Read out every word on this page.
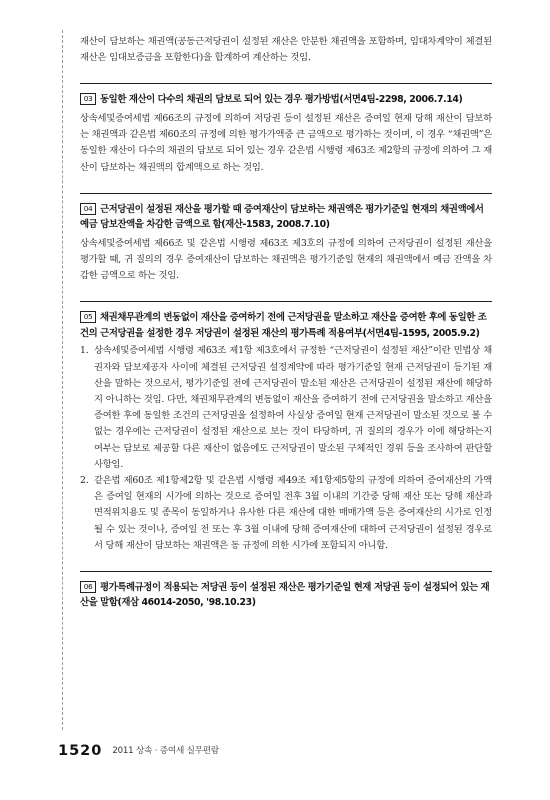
재산이 담보하는 채권액(공동근저당권이 설정된 재산은 안분한 채권액을 포함하며, 임대차계약이 체결된 재산은 임대보증금을 포함한다)을 합계하여 계산하는 것임.

03 동일한 재산이 다수의 채권의 담보로 되어 있는 경우 평가방법(서면4팀-2298, 2006.7.14)

상속세및증여세법 제66조의 규정에 의하여 저당권 등이 설정된 재산은 증여일 현재 당해 재산이 담보하는 채권액과 같은법 제60조의 규정에 의한 평가가액중 큰 금액으로 평가하는 것이며, 이 경우 “채권액”은 동일한 재산이 다수의 채권의 담보로 되어 있는 경우 같은법 시행령 제63조 제2항의 규정에 의하여 그 재산이 담보하는 채권액의 합계액으로 하는 것임.

04 근저당권이 설정된 재산을 평가할 때 증여재산이 담보하는 채권액은 평가기준일 현재의 채권액에서 예금 담보잔액을 차감한 금액으로 함(재산-1583, 2008.7.10)

상속세및증여세법 제66조 및 같은법 시행령 제63조 제3호의 규정에 의하여 근저당권이 설정된 재산을 평가할 때, 귀 질의의 경우 증여재산이 담보하는 채권액은 평가기준일 현재의 채권액에서 예금 잔액을 차감한 금액으로 하는 것임.

05 채권채무관계의 변동없이 재산을 증여하기 전에 근저당권을 말소하고 재산을 증여한 후에 동일한 조건의 근저당권을 설정한 경우 저당권이 설정된 재산의 평가특례 적용여부(서면4팀-1595, 2005.9.2)
1. 상속세및증여세법 시행령 제63조 제1항 제3호에서 규정한 “근저당권이 설정된 재산”이란 민법상 채권자와 담보제공자 사이에 체결된 근저당권 설정계약에 따라 평가기준일 현재 근저당권이 등기된 재산을 말하는 것으로서, 평가기준일 전에 근저당권이 말소된 재산은 근저당권이 설정된 재산에 해당하지 아니하는 것임. 다만, 채권채무관계의 변동없이 재산을 증여하기 전에 근저당권을 말소하고 재산을 증여한 후에 동일한 조건의 근저당권을 설정하여 사실상 증여일 현재 근저당권이 말소된 것으로 볼 수 없는 경우에는 근저당권이 설정된 재산으로 보는 것이 타당하며, 귀 질의의 경우가 이에 해당하는지 여부는 담보로 제공할 다른 재산이 없음에도 근저당권이 말소된 구체적인 경위 등을 조사하여 판단할 사항임.
2. 같은법 제60조 제1항제2항 및 같은법 시행령 제49조 제1항제5항의 규정에 의하여 증여재산의 가액은 증여일 현재의 시가에 의하는 것으로 증여일 전후 3월 이내의 기간중 당해 재산 또는 당해 재산과 면적위치용도 및 종목이 동일하거나 유사한 다른 재산에 대한 매매가액 등은 증여재산의 시가로 인정될 수 있는 것이나, 증여일 전 또는 후 3월 이내에 당해 증여재산에 대하여 근저당권이 설정된 경우로서 당해 재산이 담보하는 채권액은 동 규정에 의한 시가에 포함되지 아니함.
06 평가특례규정이 적용되는 저당권 등이 설정된 재산은 평가기준일 현재 저당권 등이 설정되어 있는 재산을 말함(재삼 46014-2050, '98.10.23)
1520 2011 상속 · 증여세 실무편람
